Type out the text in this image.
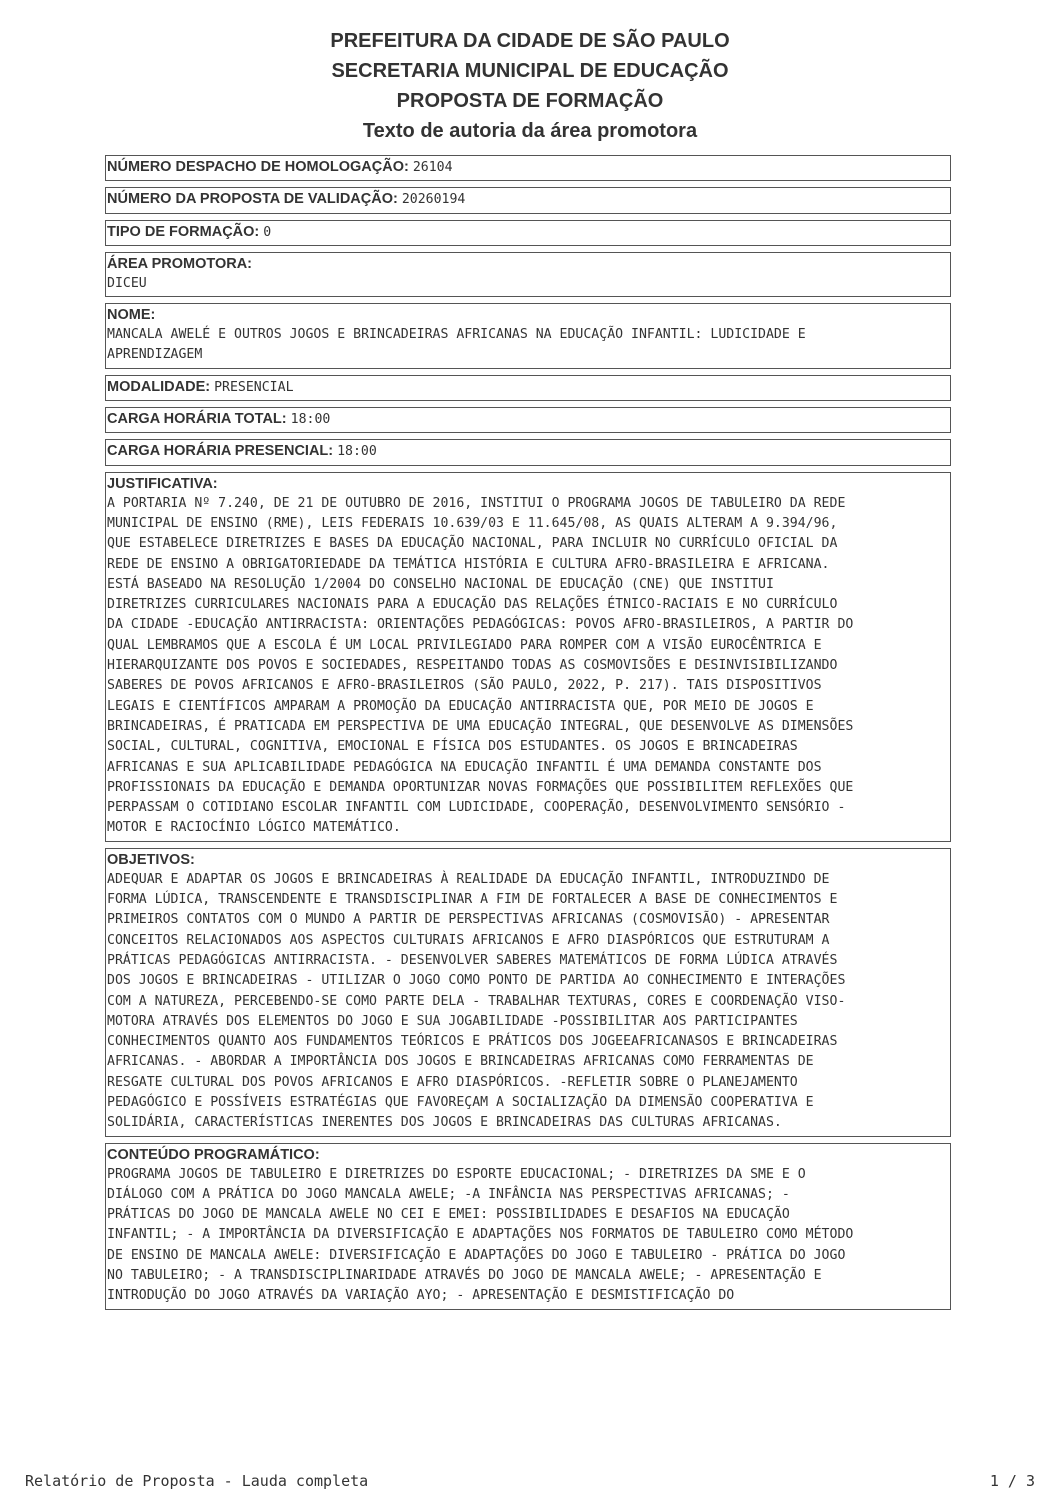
PREFEITURA DA CIDADE DE SÃO PAULO
SECRETARIA MUNICIPAL DE EDUCAÇÃO
PROPOSTA DE FORMAÇÃO
Texto de autoria da área promotora
NÚMERO DESPACHO DE HOMOLOGAÇÃO: 26104
NÚMERO DA PROPOSTA DE VALIDAÇÃO: 20260194
TIPO DE FORMAÇÃO: 0
ÁREA PROMOTORA:
DICEU
NOME:
MANCALA AWELÉ E OUTROS JOGOS E BRINCADEIRAS AFRICANAS NA EDUCAÇÃO INFANTIL: LUDICIDADE E
APRENDIZAGEM
MODALIDADE: PRESENCIAL
CARGA HORÁRIA TOTAL: 18:00
CARGA HORÁRIA PRESENCIAL: 18:00
JUSTIFICATIVA:
A PORTARIA Nº 7.240, DE 21 DE OUTUBRO DE 2016, INSTITUI O PROGRAMA JOGOS DE TABULEIRO DA REDE
MUNICIPAL DE ENSINO (RME), LEIS FEDERAIS 10.639/03 E 11.645/08, AS QUAIS ALTERAM A 9.394/96,
QUE ESTABELECE DIRETRIZES E BASES DA EDUCAÇÃO NACIONAL, PARA INCLUIR NO CURRÍCULO OFICIAL DA
REDE DE ENSINO A OBRIGATORIEDADE DA TEMÁTICA HISTÓRIA E CULTURA AFRO-BRASILEIRA E AFRICANA.
ESTÁ BASEADO NA RESOLUÇÃO 1/2004 DO CONSELHO NACIONAL DE EDUCAÇÃO (CNE) QUE INSTITUI
DIRETRIZES CURRICULARES NACIONAIS PARA A EDUCAÇÃO DAS RELAÇÕES ÉTNICO-RACIAIS E NO CURRÍCULO
DA CIDADE -EDUCAÇÃO ANTIRRACISTA: ORIENTAÇÕES PEDAGÓGICAS: POVOS AFRO-BRASILEIROS, A PARTIR DO
QUAL LEMBRAMOS QUE A ESCOLA É UM LOCAL PRIVILEGIADO PARA ROMPER COM A VISÃO EUROCÊNTRICA E
HIERARQUIZANTE DOS POVOS E SOCIEDADES, RESPEITANDO TODAS AS COSMOVISÕES E DESINVISIBILIZANDO
SABERES DE POVOS AFRICANOS E AFRO-BRASILEIROS (SÃO PAULO, 2022, P. 217). TAIS DISPOSITIVOS
LEGAIS E CIENTÍFICOS AMPARAM A PROMOÇÃO DA EDUCAÇÃO ANTIRRACISTA QUE, POR MEIO DE JOGOS E
BRINCADEIRAS, É PRATICADA EM PERSPECTIVA DE UMA EDUCAÇÃO INTEGRAL, QUE DESENVOLVE AS DIMENSÕES
SOCIAL, CULTURAL, COGNITIVA, EMOCIONAL E FÍSICA DOS ESTUDANTES. OS JOGOS E BRINCADEIRAS
AFRICANAS E SUA APLICABILIDADE PEDAGÓGICA NA EDUCAÇÃO INFANTIL É UMA DEMANDA CONSTANTE DOS
PROFISSIONAIS DA EDUCAÇÃO E DEMANDA OPORTUNIZAR NOVAS FORMAÇÕES QUE POSSIBILITEM REFLEXÕES QUE
PERPASSAM O COTIDIANO ESCOLAR INFANTIL COM LUDICIDADE, COOPERAÇÃO, DESENVOLVIMENTO SENSÓRIO -
MOTOR E RACIOCÍNIO LÓGICO MATEMÁTICO.
OBJETIVOS:
ADEQUAR E ADAPTAR OS JOGOS E BRINCADEIRAS À REALIDADE DA EDUCAÇÃO INFANTIL, INTRODUZINDO DE
FORMA LÚDICA, TRANSCENDENTE E TRANSDISCIPLINAR A FIM DE FORTALECER A BASE DE CONHECIMENTOS E
PRIMEIROS CONTATOS COM O MUNDO A PARTIR DE PERSPECTIVAS AFRICANAS (COSMOVISÃO) - APRESENTAR
CONCEITOS RELACIONADOS AOS ASPECTOS CULTURAIS AFRICANOS E AFRO DIASPÓRICOS QUE ESTRUTURAM A
PRÁTICAS PEDAGÓGICAS ANTIRRACISTA. - DESENVOLVER SABERES MATEMÁTICOS DE FORMA LÚDICA ATRAVÉS
DOS JOGOS E BRINCADEIRAS - UTILIZAR O JOGO COMO PONTO DE PARTIDA AO CONHECIMENTO E INTERAÇÕES
COM A NATUREZA, PERCEBENDO-SE COMO PARTE DELA - TRABALHAR TEXTURAS, CORES E COORDENAÇÃO VISO-
MOTORA ATRAVÉS DOS ELEMENTOS DO JOGO E SUA JOGABILIDADE -POSSIBILITAR AOS PARTICIPANTES
CONHECIMENTOS QUANTO AOS FUNDAMENTOS TEÓRICOS E PRÁTICOS DOS JOGEEAFRICANASOS E BRINCADEIRAS
AFRICANAS. - ABORDAR A IMPORTÂNCIA DOS JOGOS E BRINCADEIRAS AFRICANAS COMO FERRAMENTAS DE
RESGATE CULTURAL DOS POVOS AFRICANOS E AFRO DIASPÓRICOS. -REFLETIR SOBRE O PLANEJAMENTO
PEDAGÓGICO E POSSÍVEIS ESTRATÉGIAS QUE FAVOREÇAM A SOCIALIZAÇÃO DA DIMENSÃO COOPERATIVA E
SOLIDÁRIA, CARACTERÍSTICAS INERENTES DOS JOGOS E BRINCADEIRAS DAS CULTURAS AFRICANAS.
CONTEÚDO PROGRAMÁTICO:
PROGRAMA JOGOS DE TABULEIRO E DIRETRIZES DO ESPORTE EDUCACIONAL; - DIRETRIZES DA SME E O
DIÁLOGO COM A PRÁTICA DO JOGO MANCALA AWELE; -A INFÂNCIA NAS PERSPECTIVAS AFRICANAS; -
PRÁTICAS DO JOGO DE MANCALA AWELE NO CEI E EMEI: POSSIBILIDADES E DESAFIOS NA EDUCAÇÃO
INFANTIL; - A IMPORTÂNCIA DA DIVERSIFICAÇÃO E ADAPTAÇÕES NOS FORMATOS DE TABULEIRO COMO MÉTODO
DE ENSINO DE MANCALA AWELE: DIVERSIFICAÇÃO E ADAPTAÇÕES DO JOGO E TABULEIRO - PRÁTICA DO JOGO
NO TABULEIRO; - A TRANSDISCIPLINARIDADE ATRAVÉS DO JOGO DE MANCALA AWELE; - APRESENTAÇÃO E
INTRODUÇÃO DO JOGO ATRAVÉS DA VARIAÇÃO AYO; - APRESENTAÇÃO E DESMISTIFICAÇÃO DO
Relatório de Proposta - Lauda completa	1 / 3
